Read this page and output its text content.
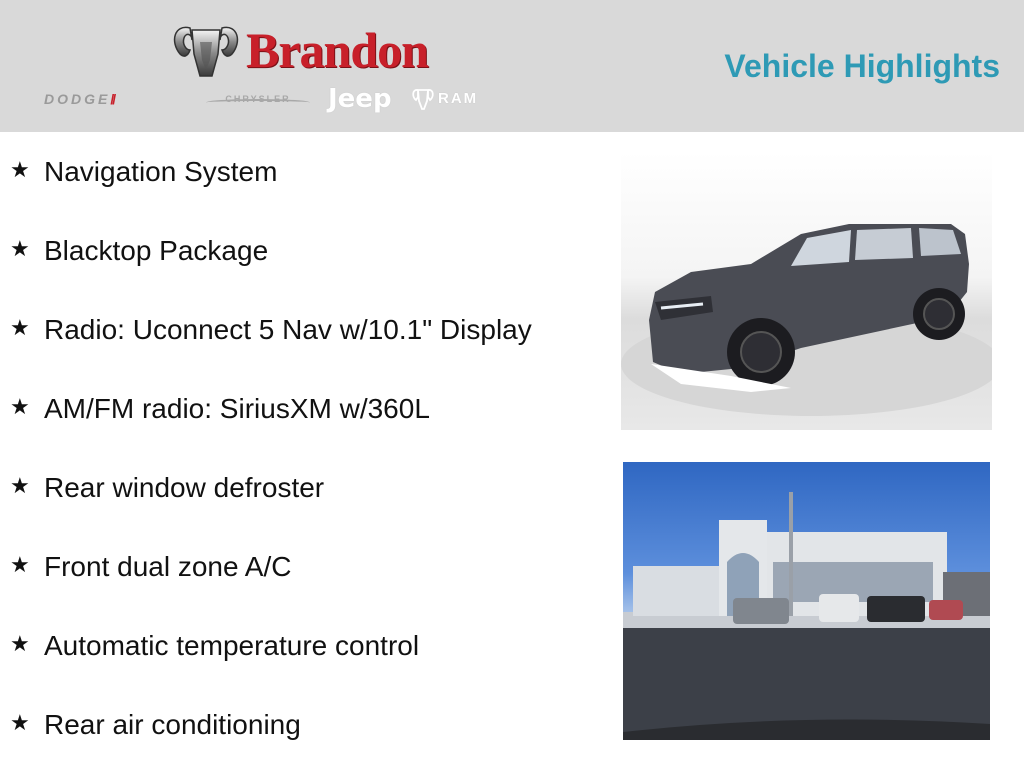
Brandon
DODGE//	CHRYSLER	Jeep	RAM
Vehicle Highlights
★ Navigation System
★ Blacktop Package
★ Radio: Uconnect 5 Nav w/10.1" Display
★ AM/FM radio: SiriusXM w/360L
★ Rear window defroster
★ Front dual zone A/C
★ Automatic temperature control
★ Rear air conditioning
